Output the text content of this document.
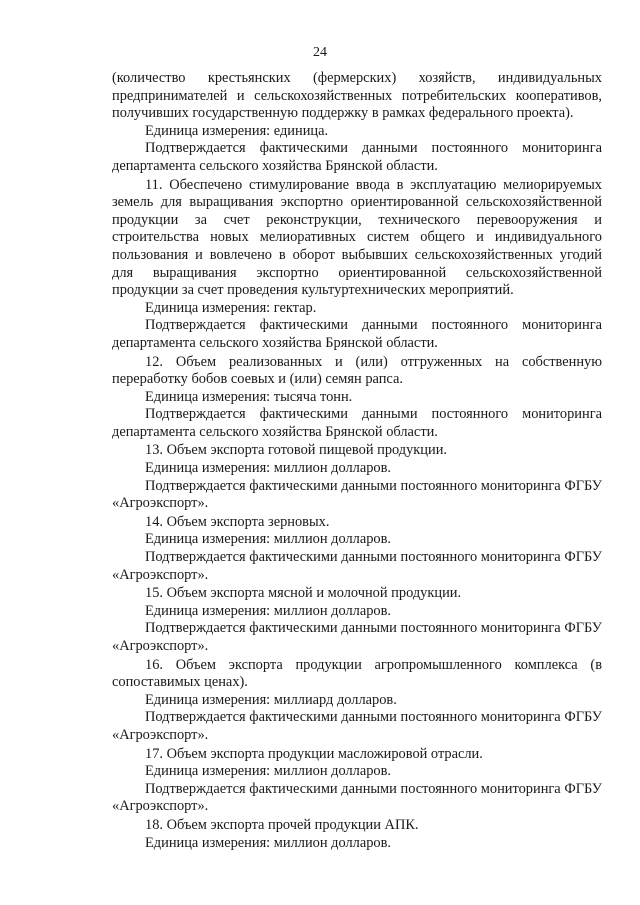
24

(количество крестьянских (фермерских) хозяйств, индивидуальных предпринимателей и сельскохозяйственных потребительских кооперативов, получивших государственную поддержку в рамках федерального проекта).

Единица измерения: единица.

Подтверждается фактическими данными постоянного мониторинга департамента сельского хозяйства Брянской области.

11. Обеспечено стимулирование ввода в эксплуатацию мелиорируемых земель для выращивания экспортно ориентированной сельскохозяйственной продукции за счет реконструкции, технического перевооружения и строительства новых мелиоративных систем общего и индивидуального пользования и вовлечено в оборот выбывших сельскохозяйственных угодий для выращивания экспортно ориентированной сельскохозяйственной продукции за счет проведения культуртехнических мероприятий.

Единица измерения: гектар.

Подтверждается фактическими данными постоянного мониторинга департамента сельского хозяйства Брянской области.

12. Объем реализованных и (или) отгруженных на собственную переработку бобов соевых и (или) семян рапса.

Единица измерения: тысяча тонн.

Подтверждается фактическими данными постоянного мониторинга департамента сельского хозяйства Брянской области.

13. Объем экспорта готовой пищевой продукции.

Единица измерения: миллион долларов.

Подтверждается фактическими данными постоянного мониторинга ФГБУ «Агроэкспорт».

14. Объем экспорта зерновых.

Единица измерения: миллион долларов.

Подтверждается фактическими данными постоянного мониторинга ФГБУ «Агроэкспорт».

15. Объем экспорта мясной и молочной продукции.

Единица измерения: миллион долларов.

Подтверждается фактическими данными постоянного мониторинга ФГБУ «Агроэкспорт».

16. Объем экспорта продукции агропромышленного комплекса (в сопоставимых ценах).

Единица измерения: миллиард долларов.

Подтверждается фактическими данными постоянного мониторинга ФГБУ «Агроэкспорт».

17. Объем экспорта продукции масложировой отрасли.

Единица измерения: миллион долларов.

Подтверждается фактическими данными постоянного мониторинга ФГБУ «Агроэкспорт».

18. Объем экспорта прочей продукции АПК.

Единица измерения: миллион долларов.
